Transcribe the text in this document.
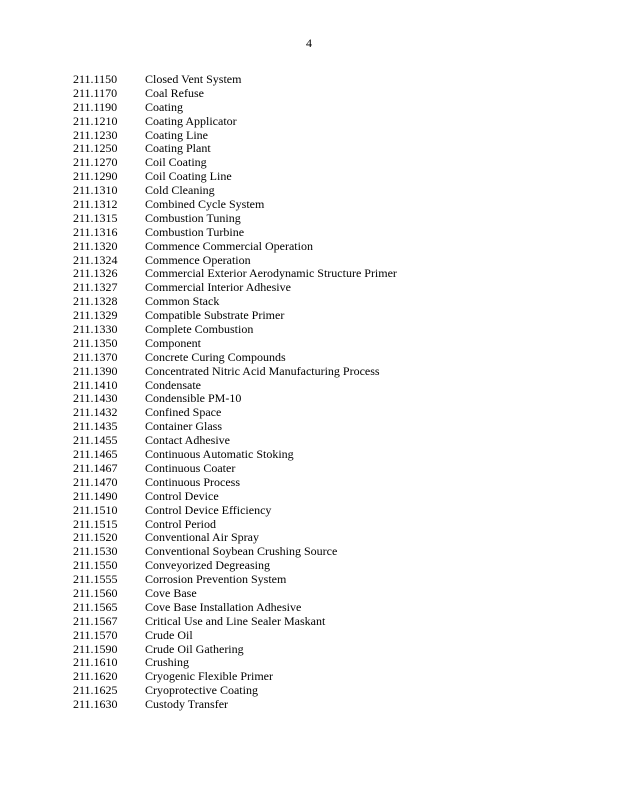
4
211.1150	Closed Vent System
211.1170	Coal Refuse
211.1190	Coating
211.1210	Coating Applicator
211.1230	Coating Line
211.1250	Coating Plant
211.1270	Coil Coating
211.1290	Coil Coating Line
211.1310	Cold Cleaning
211.1312	Combined Cycle System
211.1315	Combustion Tuning
211.1316	Combustion Turbine
211.1320	Commence Commercial Operation
211.1324	Commence Operation
211.1326	Commercial Exterior Aerodynamic Structure Primer
211.1327	Commercial Interior Adhesive
211.1328	Common Stack
211.1329	Compatible Substrate Primer
211.1330	Complete Combustion
211.1350	Component
211.1370	Concrete Curing Compounds
211.1390	Concentrated Nitric Acid Manufacturing Process
211.1410	Condensate
211.1430	Condensible PM-10
211.1432	Confined Space
211.1435	Container Glass
211.1455	Contact Adhesive
211.1465	Continuous Automatic Stoking
211.1467	Continuous Coater
211.1470	Continuous Process
211.1490	Control Device
211.1510	Control Device Efficiency
211.1515	Control Period
211.1520	Conventional Air Spray
211.1530	Conventional Soybean Crushing Source
211.1550	Conveyorized Degreasing
211.1555	Corrosion Prevention System
211.1560	Cove Base
211.1565	Cove Base Installation Adhesive
211.1567	Critical Use and Line Sealer Maskant
211.1570	Crude Oil
211.1590	Crude Oil Gathering
211.1610	Crushing
211.1620	Cryogenic Flexible Primer
211.1625	Cryoprotective Coating
211.1630	Custody Transfer
